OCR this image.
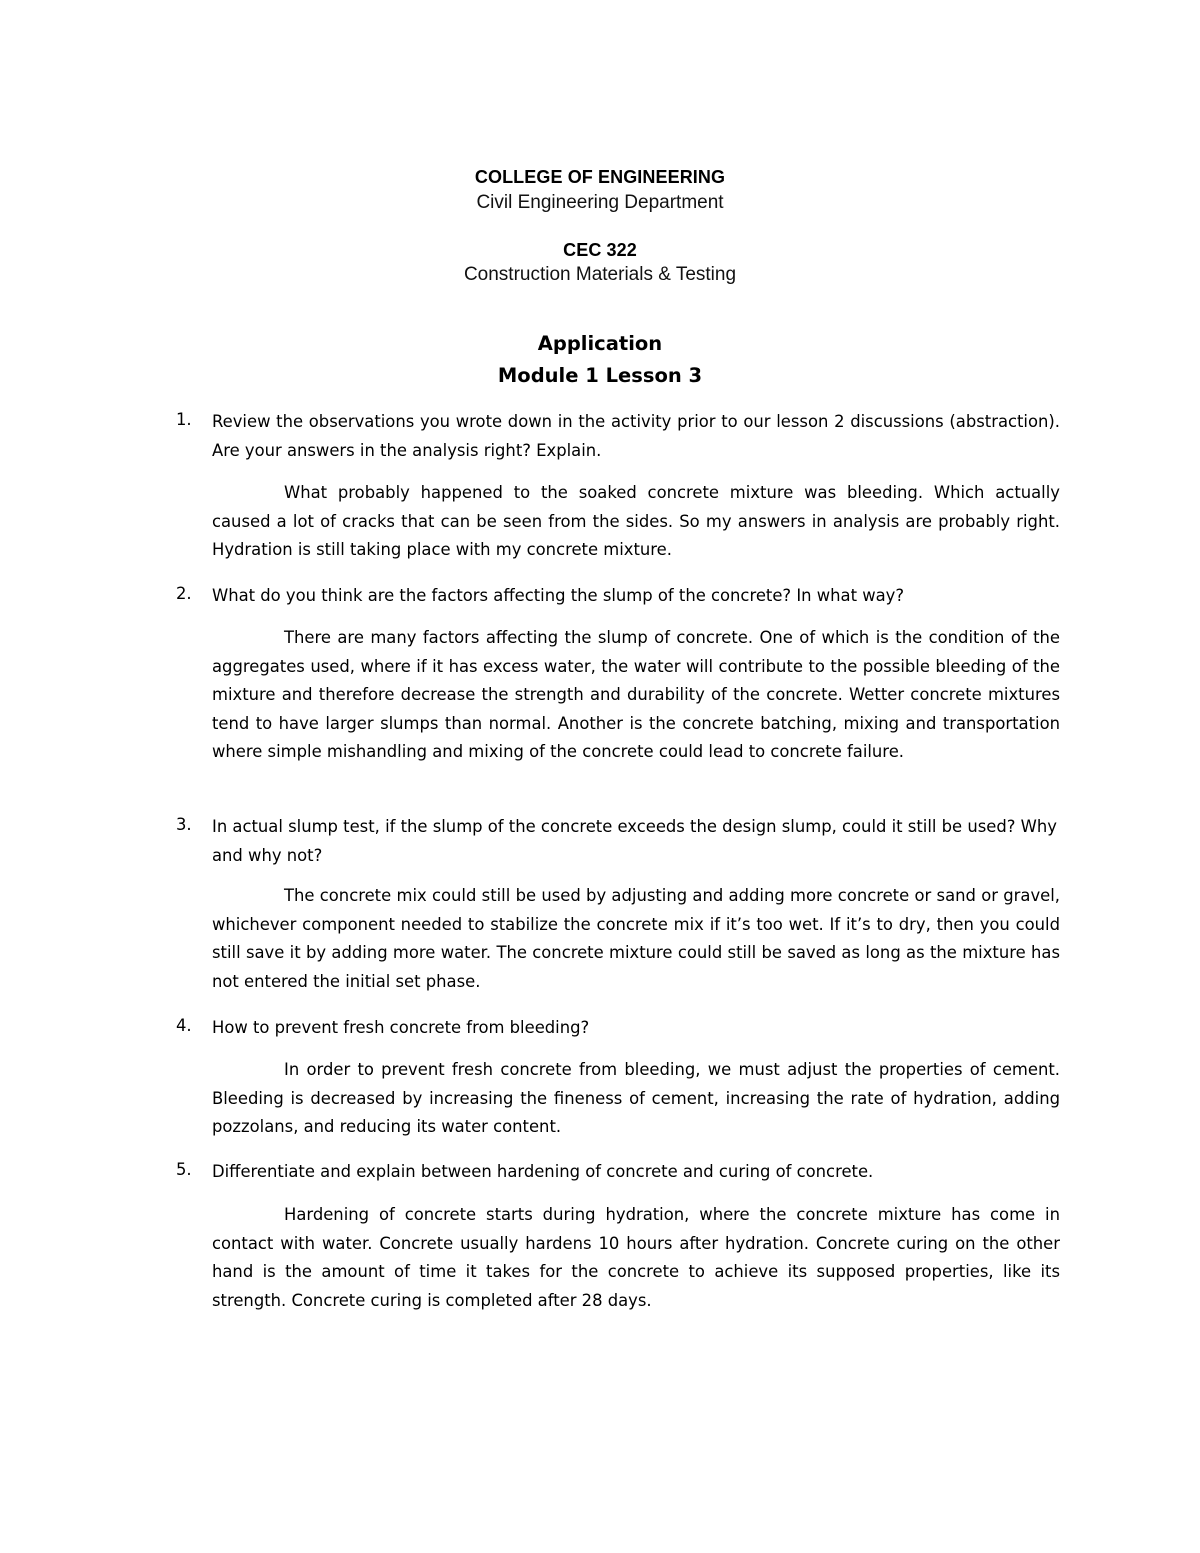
COLLEGE OF ENGINEERING
Civil Engineering Department
CEC 322
Construction Materials & Testing
Application
Module 1 Lesson 3
1. Review the observations you wrote down in the activity prior to our lesson 2 discussions (abstraction). Are your answers in the analysis right? Explain.
What probably happened to the soaked concrete mixture was bleeding. Which actually caused a lot of cracks that can be seen from the sides. So my answers in analysis are probably right. Hydration is still taking place with my concrete mixture.
2. What do you think are the factors affecting the slump of the concrete? In what way?
There are many factors affecting the slump of concrete. One of which is the condition of the aggregates used, where if it has excess water, the water will contribute to the possible bleeding of the mixture and therefore decrease the strength and durability of the concrete. Wetter concrete mixtures tend to have larger slumps than normal. Another is the concrete batching, mixing and transportation where simple mishandling and mixing of the concrete could lead to concrete failure.
3. In actual slump test, if the slump of the concrete exceeds the design slump, could it still be used? Why and why not?
The concrete mix could still be used by adjusting and adding more concrete or sand or gravel, whichever component needed to stabilize the concrete mix if it’s too wet. If it’s to dry, then you could still save it by adding more water. The concrete mixture could still be saved as long as the mixture has not entered the initial set phase.
4. How to prevent fresh concrete from bleeding?
In order to prevent fresh concrete from bleeding, we must adjust the properties of cement. Bleeding is decreased by increasing the fineness of cement, increasing the rate of hydration, adding pozzolans, and reducing its water content.
5. Differentiate and explain between hardening of concrete and curing of concrete.
Hardening of concrete starts during hydration, where the concrete mixture has come in contact with water. Concrete usually hardens 10 hours after hydration. Concrete curing on the other hand is the amount of time it takes for the concrete to achieve its supposed properties, like its strength. Concrete curing is completed after 28 days.
